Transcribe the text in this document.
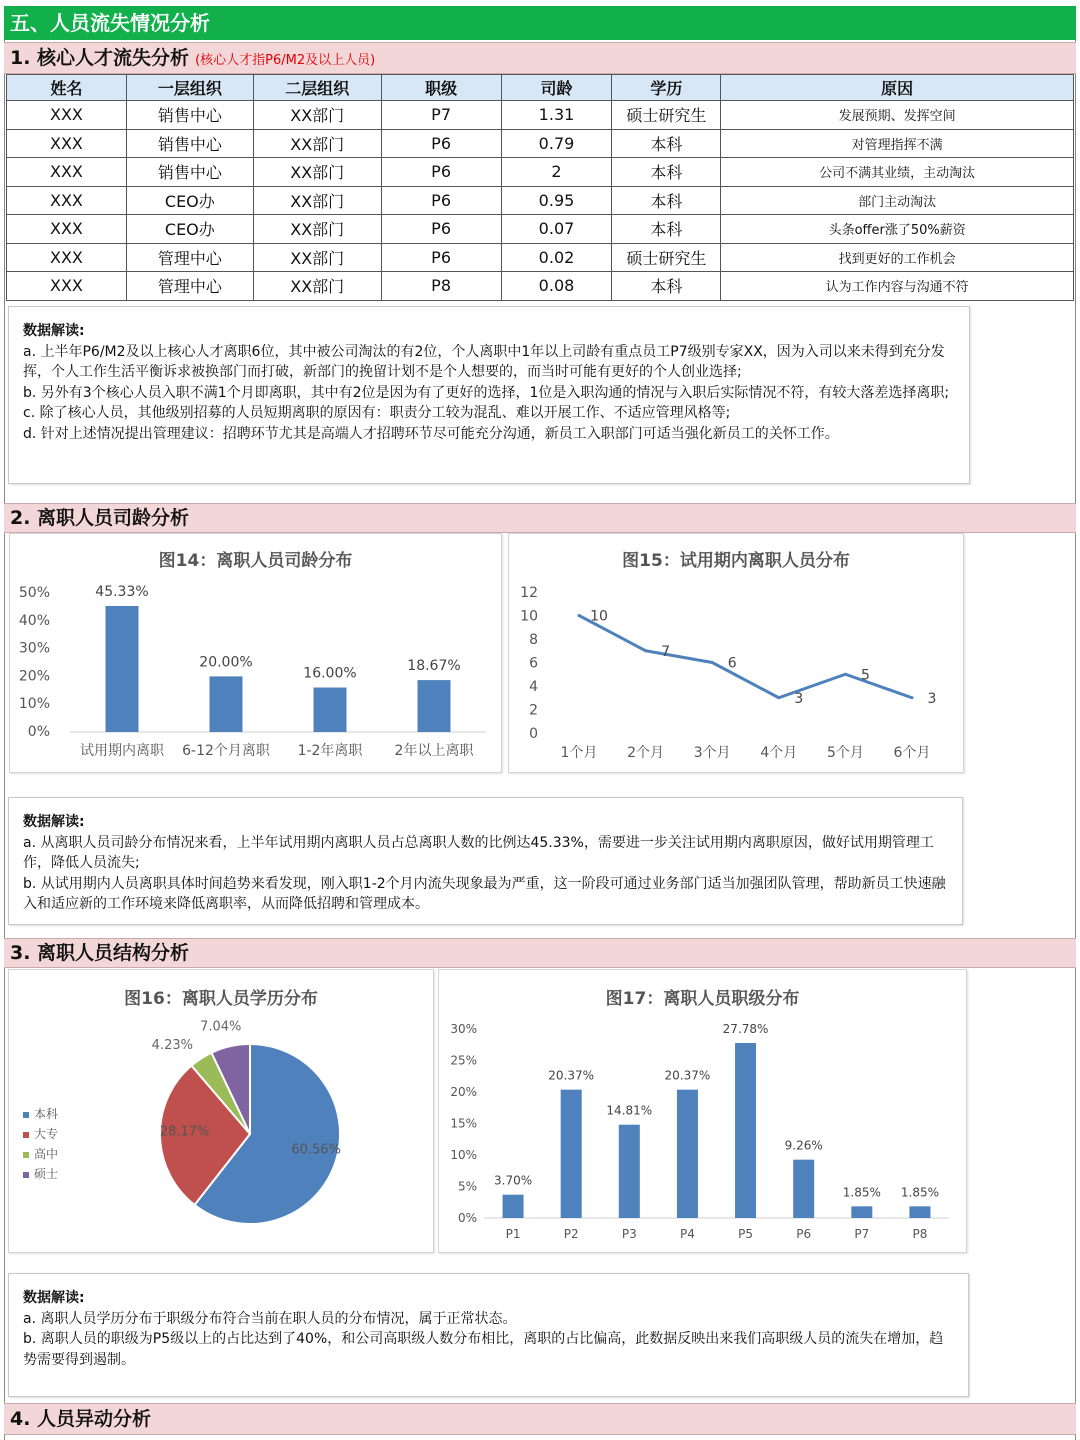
五、人员流失情况分析
1. 核心人才流失分析 (核心人才指P6/M2及以上人员)
姓名	一层组织	二层组织	职级	司龄	学历	原因
XXX	销售中心	XX部门	P7	1.31	硕士研究生	发展预期、发挥空间
XXX	销售中心	XX部门	P6	0.79	本科	对管理指挥不满
XXX	销售中心	XX部门	P6	2	本科	公司不满其业绩，主动淘汰
XXX	CEO办	XX部门	P6	0.95	本科	部门主动淘汰
XXX	CEO办	XX部门	P6	0.07	本科	头条offer涨了50%薪资
XXX	管理中心	XX部门	P6	0.02	硕士研究生	找到更好的工作机会
XXX	管理中心	XX部门	P8	0.08	本科	认为工作内容与沟通不符
数据解读:

a. 上半年P6/M2及以上核心人才离职6位，其中被公司淘汰的有2位，个人离职中1年以上司龄有重点员工P7级别专家XX，因为入司以来未得到充分发挥，个人工作生活平衡诉求被换部门而打破，新部门的挽留计划不是个人想要的，而当时可能有更好的个人创业选择;

b. 另外有3个核心人员入职不满1个月即离职，其中有2位是因为有了更好的选择，1位是入职沟通的情况与入职后实际情况不符，有较大落差选择离职;

c. 除了核心人员，其他级别招募的人员短期离职的原因有：职责分工较为混乱、难以开展工作、不适应管理风格等;

d. 针对上述情况提出管理建议：招聘环节尤其是高端人才招聘环节尽可能充分沟通，新员工入职部门可适当强化新员工的关怀工作。

2. 离职人员司龄分析
图14：离职人员司龄分布
0%
10%
20%
30%
40%
50%	45.33%
试用期内离职
20.00%
6-12个月离职
16.00%
1-2年离职
18.67%
2年以上离职
图15：试用期内离职人员分布
0
2
4
6
8
10
12
10
1个月
7
2个月
6
3个月
3
4个月
5
5个月
3
6个月
数据解读:

a. 从离职人员司龄分布情况来看，上半年试用期内离职人员占总离职人数的比例达45.33%，需要进一步关注试用期内离职原因，做好试用期管理工作，降低人员流失;

b. 从试用期内人员离职具体时间趋势来看发现，刚入职1-2个月内流失现象最为严重，这一阶段可通过业务部门适当加强团队管理，帮助新员工快速融入和适应新的工作环境来降低离职率，从而降低招聘和管理成本。

3. 离职人员结构分析
图16：离职人员学历分布
60.56%
28.17%
4.23%
7.04%
本科
大专
高中
硕士
图17：离职人员职级分布
0%
5%
10%
15%
20%
25%
30%
3.70%
P1
20.37%
P2
14.81%
P3
20.37%
P4
27.78%
P5
9.26%
P6
1.85%
P7
1.85%
P8
数据解读:

a. 离职人员学历分布于职级分布符合当前在职人员的分布情况，属于正常状态。

b. 离职人员的职级为P5级以上的占比达到了40%，和公司高职级人数分布相比，离职的占比偏高，此数据反映出来我们高职级人员的流失在增加，趋势需要得到遏制。

4. 人员异动分析
